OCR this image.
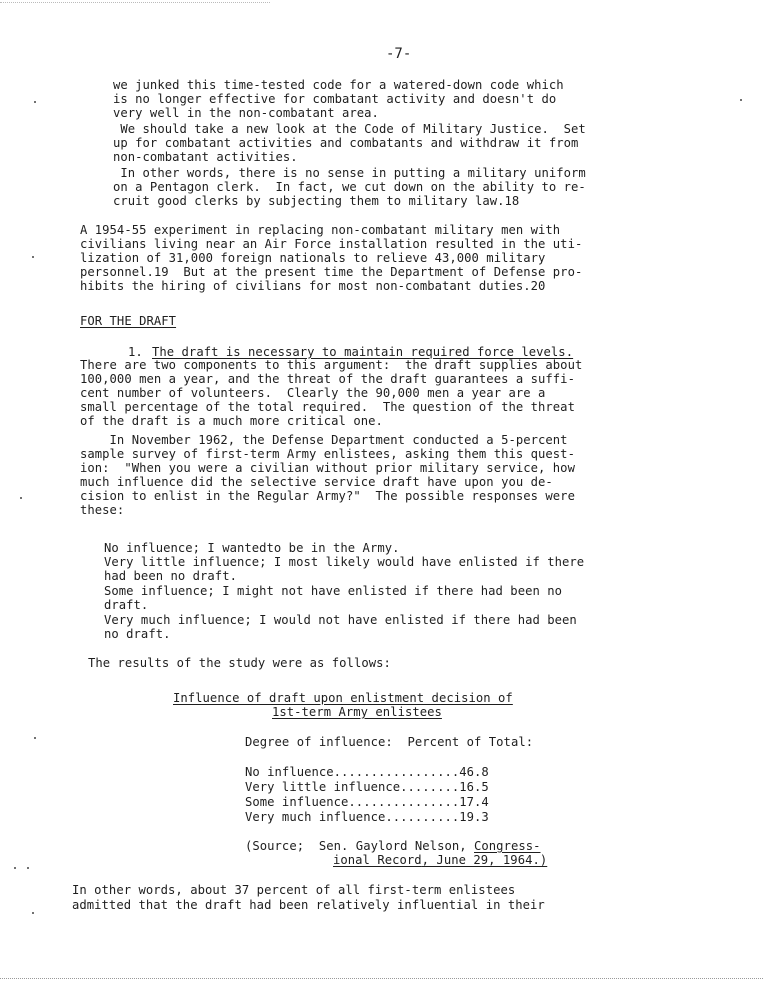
-7-
we junked this time-tested code for a watered-down code which
is no longer effective for combatant activity and doesn't do
very well in the non-combatant area.
We should take a new look at the Code of Military Justice.  Set
up for combatant activities and combatants and withdraw it from
non-combatant activities.
In other words, there is no sense in putting a military uniform
on a Pentagon clerk.  In fact, we cut down on the ability to re-
cruit good clerks by subjecting them to military law.18
A 1954-55 experiment in replacing non-combatant military men with
civilians living near an Air Force installation resulted in the uti-
lization of 31,000 foreign nationals to relieve 43,000 military
personnel.19  But at the present time the Department of Defense pro-
hibits the hiring of civilians for most non-combatant duties.20
FOR THE DRAFT
1. The draft is necessary to maintain required force levels.
There are two components to this argument:  the draft supplies about
100,000 men a year, and the threat of the draft guarantees a suffi-
cent number of volunteers.  Clearly the 90,000 men a year are a
small percentage of the total required.  The question of the threat
of the draft is a much more critical one.
In November 1962, the Defense Department conducted a 5-percent
sample survey of first-term Army enlistees, asking them this quest-
ion:  "When you were a civilian without prior military service, how
much influence did the selective service draft have upon you de-
cision to enlist in the Regular Army?"  The possible responses were
these:
No influence; I wantedto be in the Army.
Very little influence; I most likely would have enlisted if there
had been no draft.
Some influence; I might not have enlisted if there had been no
draft.
Very much influence; I would not have enlisted if there had been
no draft.
The results of the study were as follows:
Influence of draft upon enlistment decision of
1st-term Army enlistees
Degree of influence:  Percent of Total:
No influence.................46.8
Very little influence........16.5
Some influence...............17.4
Very much influence..........19.3
(Source;  Sen. Gaylord Nelson, Congress-
ional Record, June 29, 1964.)
In other words, about 37 percent of all first-term enlistees
admitted that the draft had been relatively influential in their
